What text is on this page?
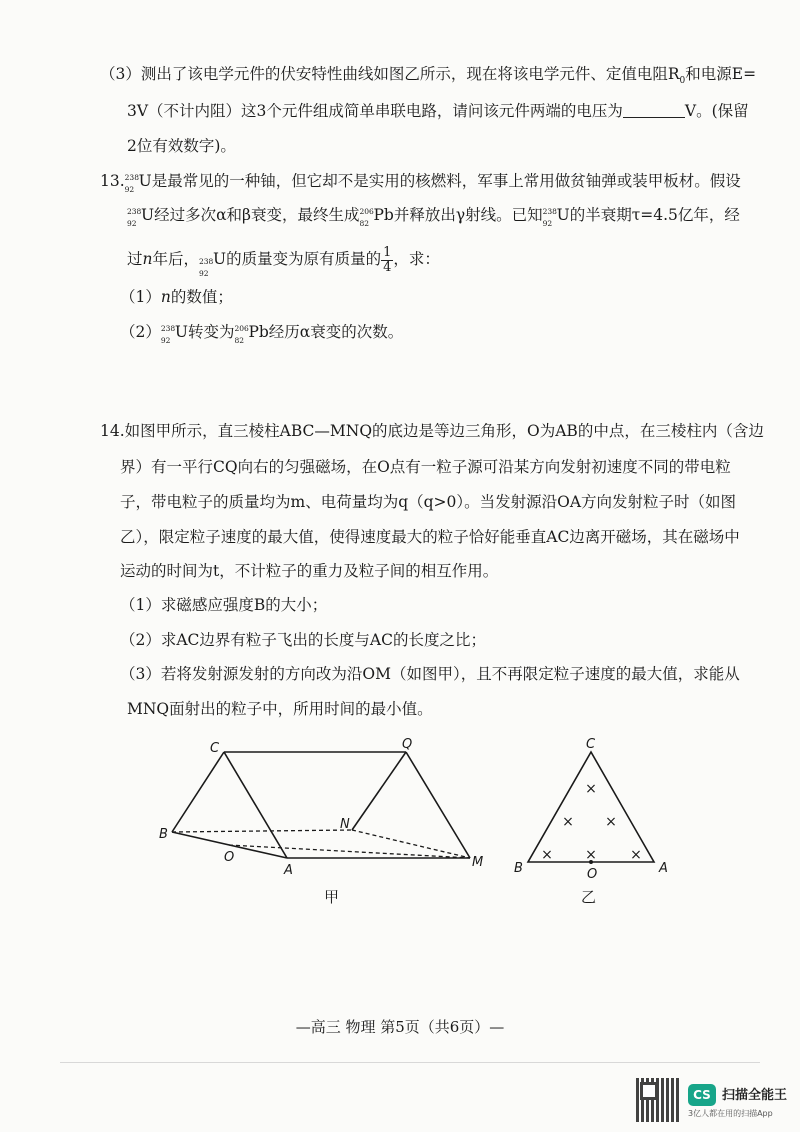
（3）测出了该电学元件的伏安特性曲线如图乙所示，现在将该电学元件、定值电阻$R_0$和电源E=
3V（不计内阻）这3个元件组成简单串联电路，请问该元件两端的电压为	V。(保留
2位有效数字)。
13. 238
92 U是最常见的一种铀，但它却不是实用的核燃料，军事上常用做贫铀弹或装甲板材。假设
238
92 U经过多次α和β衰变，最终生成 206
82 Pb并释放出γ射线。已知 238
92 U的半衰期τ=4.5亿年，经
过n年后， 238
92
U的质量变为原有质量的 $\frac{1}{4}$ ，求：
（1）n的数值；
（2） 238
92 U转变为 206
82 Pb经历α衰变的次数。
14.如图甲所示，直三棱柱ABC—MNQ的底边是等边三角形，O为AB的中点，在三棱柱内（含边
界）有一平行CQ向右的匀强磁场，在O点有一粒子源可沿某方向发射初速度不同的带电粒
子，带电粒子的质量均为m、电荷量均为q（q>0）。当发射源沿OA方向发射粒子时（如图
乙），限定粒子速度的最大值，使得速度最大的粒子恰好能垂直AC边离开磁场，其在磁场中
运动的时间为t，不计粒子的重力及粒子间的相互作用。
（1）求磁感应强度B的大小；
（2）求AC边界有粒子飞出的长度与AC的长度之比；
（3）若将发射源发射的方向改为沿OM（如图甲），且不再限定粒子速度的最大值，求能从
MNQ面射出的粒子中，所用时间的最小值。
C	Q
N
B
O
A
M
甲
×
× ×
× × ×
C
B	O	A
乙
—高三 物理 第5页（共6页）—
CS 扫描全能王
3亿人都在用的扫描App
